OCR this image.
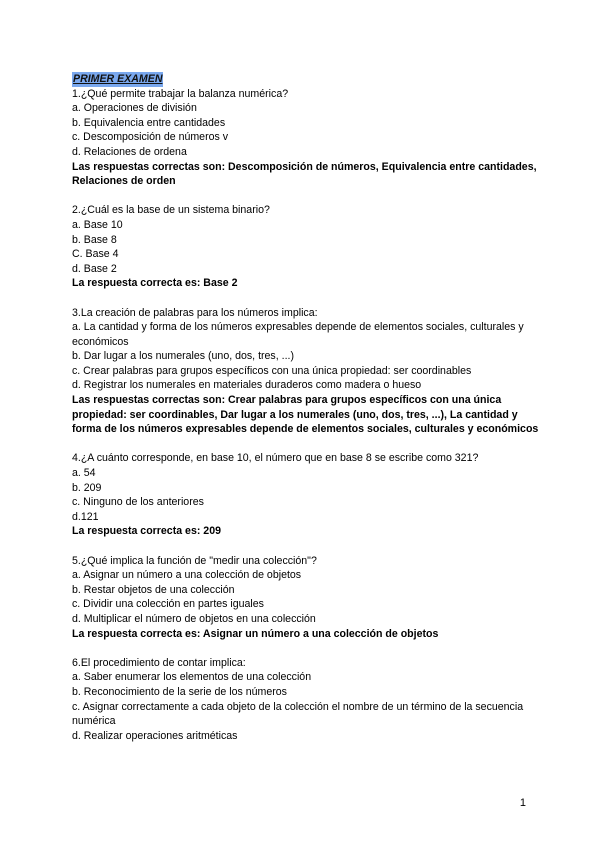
PRIMER EXAMEN
1.¿Qué permite trabajar la balanza numérica?
a. Operaciones de división
b. Equivalencia entre cantidades
c. Descomposición de números v
d. Relaciones de ordena
Las respuestas correctas son: Descomposición de números, Equivalencia entre cantidades, Relaciones de orden
2.¿Cuál es la base de un sistema binario?
a. Base 10
b. Base 8
C. Base 4
d. Base 2
La respuesta correcta es: Base 2
3.La creación de palabras para los números implica:
a. La cantidad y forma de los números expresables depende de elementos sociales, culturales y económicos
b. Dar lugar a los numerales (uno, dos, tres, ...)
c. Crear palabras para grupos específicos con una única propiedad: ser coordinables
d. Registrar los numerales en materiales duraderos como madera o hueso
Las respuestas correctas son: Crear palabras para grupos específicos con una única propiedad: ser coordinables, Dar lugar a los numerales (uno, dos, tres, ...), La cantidad y forma de los números expresables depende de elementos sociales, culturales y económicos
4.¿A cuánto corresponde, en base 10, el número que en base 8 se escribe como 321?
a. 54
b. 209
c. Ninguno de los anteriores
d.121
La respuesta correcta es: 209
5.¿Qué implica la función de "medir una colección"?
a. Asignar un número a una colección de objetos
b. Restar objetos de una colección
c. Dividir una colección en partes iguales
d. Multiplicar el número de objetos en una colección
La respuesta correcta es: Asignar un número a una colección de objetos
6.El procedimiento de contar implica:
a. Saber enumerar los elementos de una colección
b. Reconocimiento de la serie de los números
c. Asignar correctamente a cada objeto de la colección el nombre de un término de la secuencia numérica
d. Realizar operaciones aritméticas
1
